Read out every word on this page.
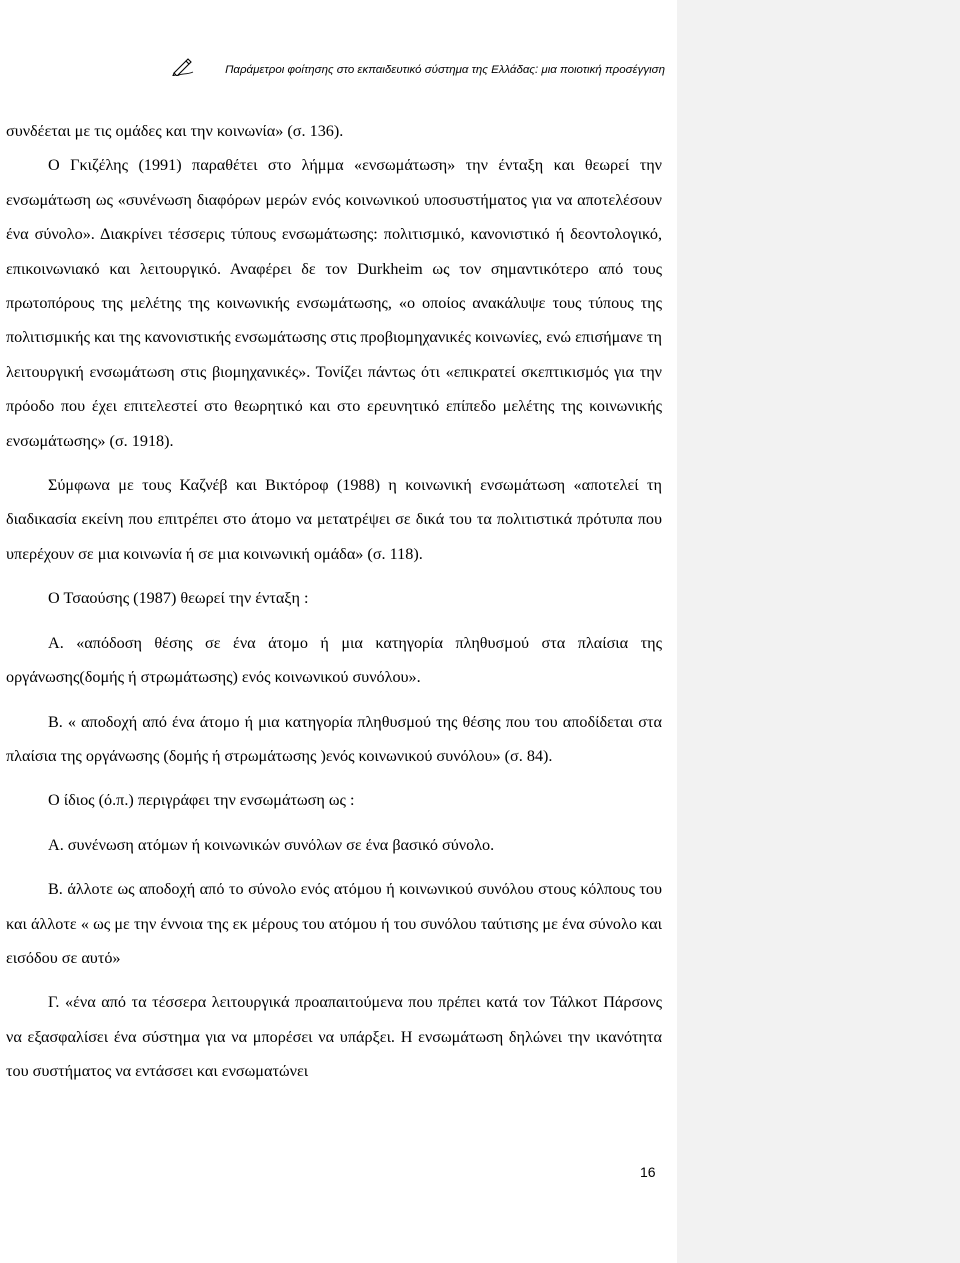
Παράμετροι φοίτησης στο εκπαιδευτικό σύστημα της Ελλάδας: μια ποιοτική προσέγγιση

συνδέεται με τις ομάδες και την κοινωνία» (σ. 136).

Ο Γκιζέλης (1991) παραθέτει στο λήμμα «ενσωμάτωση» την ένταξη και θεωρεί την ενσωμάτωση ως «συνένωση διαφόρων μερών ενός κοινωνικού υποσυστήματος για να αποτελέσουν ένα σύνολο». Διακρίνει τέσσερις τύπους ενσωμάτωσης: πολιτισμικό, κανονιστικό ή δεοντολογικό, επικοινωνιακό και λειτουργικό. Αναφέρει δε τον Durkheim ως τον σημαντικότερο από τους πρωτοπόρους της μελέτης της κοινωνικής ενσωμάτωσης, «ο οποίος ανακάλυψε τους τύπους της πολιτισμικής και της κανονιστικής ενσωμάτωσης στις προβιομηχανικές κοινωνίες, ενώ επισήμανε τη λειτουργική ενσωμάτωση στις βιομηχανικές». Τονίζει πάντως ότι «επικρατεί σκεπτικισμός για την πρόοδο που έχει επιτελεστεί στο θεωρητικό και στο ερευνητικό επίπεδο μελέτης της κοινωνικής ενσωμάτωσης» (σ. 1918).

Σύμφωνα με τους Καζνέβ και Βικτόροφ (1988) η κοινωνική ενσωμάτωση «αποτελεί τη διαδικασία εκείνη που επιτρέπει στο άτομο να μετατρέψει σε δικά του τα πολιτιστικά πρότυπα που υπερέχουν σε μια κοινωνία ή σε μια κοινωνική ομάδα» (σ. 118).

Ο Τσαούσης (1987) θεωρεί την ένταξη :

Α. «απόδοση θέσης σε ένα άτομο ή μια κατηγορία πληθυσμού στα πλαίσια της οργάνωσης(δομής ή στρωμάτωσης) ενός κοινωνικού συνόλου».

Β. « αποδοχή από ένα άτομο ή μια κατηγορία πληθυσμού της θέσης που του αποδίδεται στα πλαίσια της οργάνωσης (δομής ή στρωμάτωσης )ενός κοινωνικού συνόλου» (σ. 84).

Ο ίδιος (ό.π.) περιγράφει την ενσωμάτωση ως :

Α. συνένωση ατόμων ή κοινωνικών συνόλων σε ένα βασικό σύνολο.

Β. άλλοτε ως αποδοχή από το σύνολο ενός ατόμου ή κοινωνικού συνόλου στους κόλπους του και άλλοτε « ως με την έννοια της εκ μέρους του ατόμου ή του συνόλου ταύτισης με ένα σύνολο και εισόδου σε αυτό»

Γ. «ένα από τα τέσσερα λειτουργικά προαπαιτούμενα που πρέπει κατά τον Τάλκοτ Πάρσονς να εξασφαλίσει ένα σύστημα για να μπορέσει να υπάρξει. Η ενσωμάτωση δηλώνει την ικανότητα του συστήματος να εντάσσει και ενσωματώνει

16
